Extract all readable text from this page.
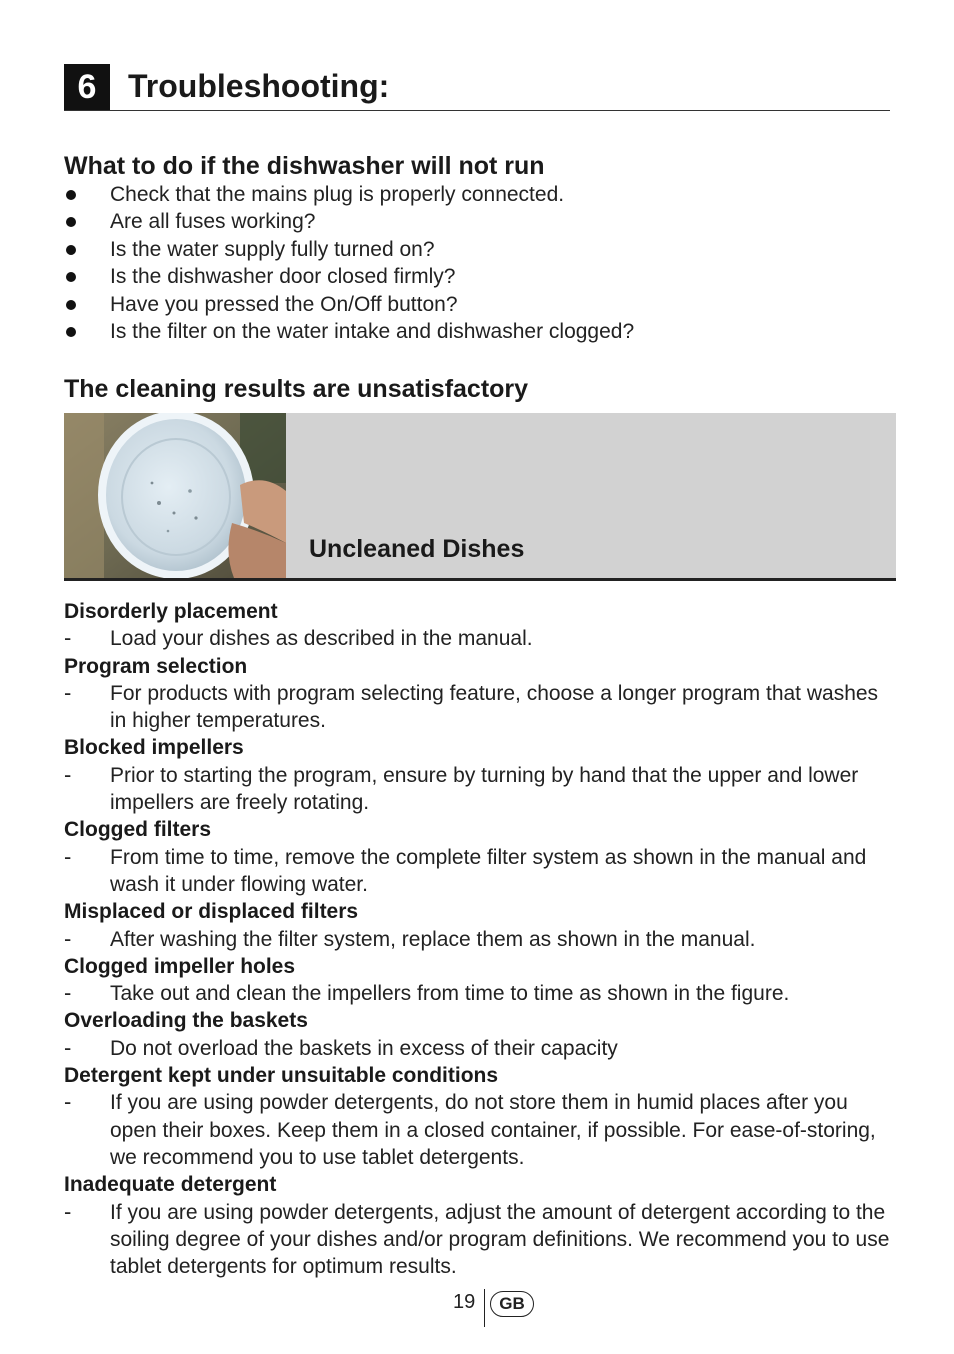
6 Troubleshooting:
What to do if the dishwasher will not run
Check that the mains plug is properly connected.
Are all fuses working?
Is the water supply fully turned on?
Is the dishwasher door closed firmly?
Have you pressed the On/Off button?
Is the filter on the water intake and dishwasher clogged?
The cleaning results are unsatisfactory
Uncleaned Dishes
Disorderly placement
- Load your dishes as described in the manual.
Program selection
- For products with program selecting feature, choose a longer program that washes in higher temperatures.
Blocked impellers
- Prior to starting the program, ensure by turning by hand that the upper and lower impellers are freely rotating.
Clogged filters
- From time to time, remove the complete filter system as shown in the manual and wash it under flowing water.
Misplaced or displaced filters
- After washing the filter system, replace them as shown in the manual.
Clogged impeller holes
- Take out and clean the impellers from time to time as shown in the figure.
Overloading the baskets
- Do not overload the baskets in excess of their capacity
Detergent kept under unsuitable conditions
- If you are using powder detergents, do not store them in humid places after you open their boxes. Keep them in a closed container, if possible. For ease-of-storing, we recommend you to use tablet detergents.
Inadequate detergent
- If you are using powder detergents, adjust the amount of detergent according to the soiling degree of your dishes and/or program definitions. We recommend you to use tablet detergents for optimum results.
19	GB
